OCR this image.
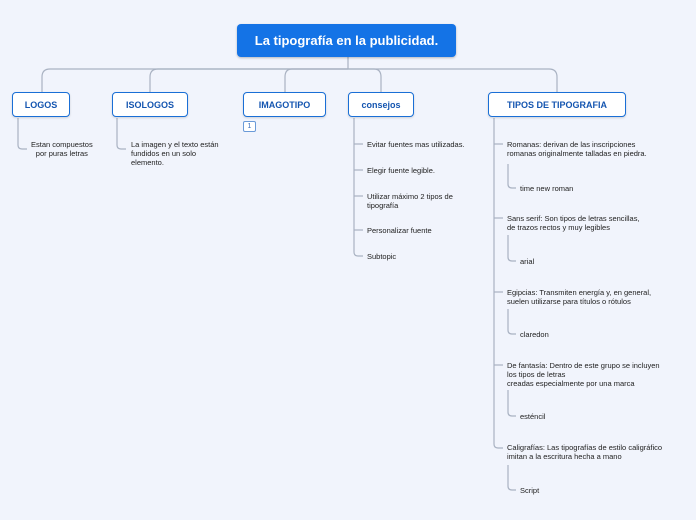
La tipografía en la publicidad.
LOGOS	ISOLOGOS	IMAGOTIPO	consejos	TIPOS DE TIPOGRAFIA
1
Estan compuestos
por puras letras
La imagen y el texto están
fundidos en un solo
elemento.
Evitar fuentes mas utilizadas.
Elegir fuente legible.
Utilizar máximo 2 tipos de
tipografía
Personalizar fuente
Subtopic
Romanas: derivan de las inscripciones
romanas originalmente talladas en piedra.
time new roman
Sans serif: Son tipos de letras sencillas,
de trazos rectos y muy legibles
arial
Egipcias: Transmiten energía y, en general,
suelen utilizarse para títulos o rótulos
claredon
De fantasía: Dentro de este grupo se incluyen
los tipos de letras
creadas especialmente por una marca
esténcil
Caligrafías: Las tipografías de estilo caligráfico
imitan a la escritura hecha a mano
Script
